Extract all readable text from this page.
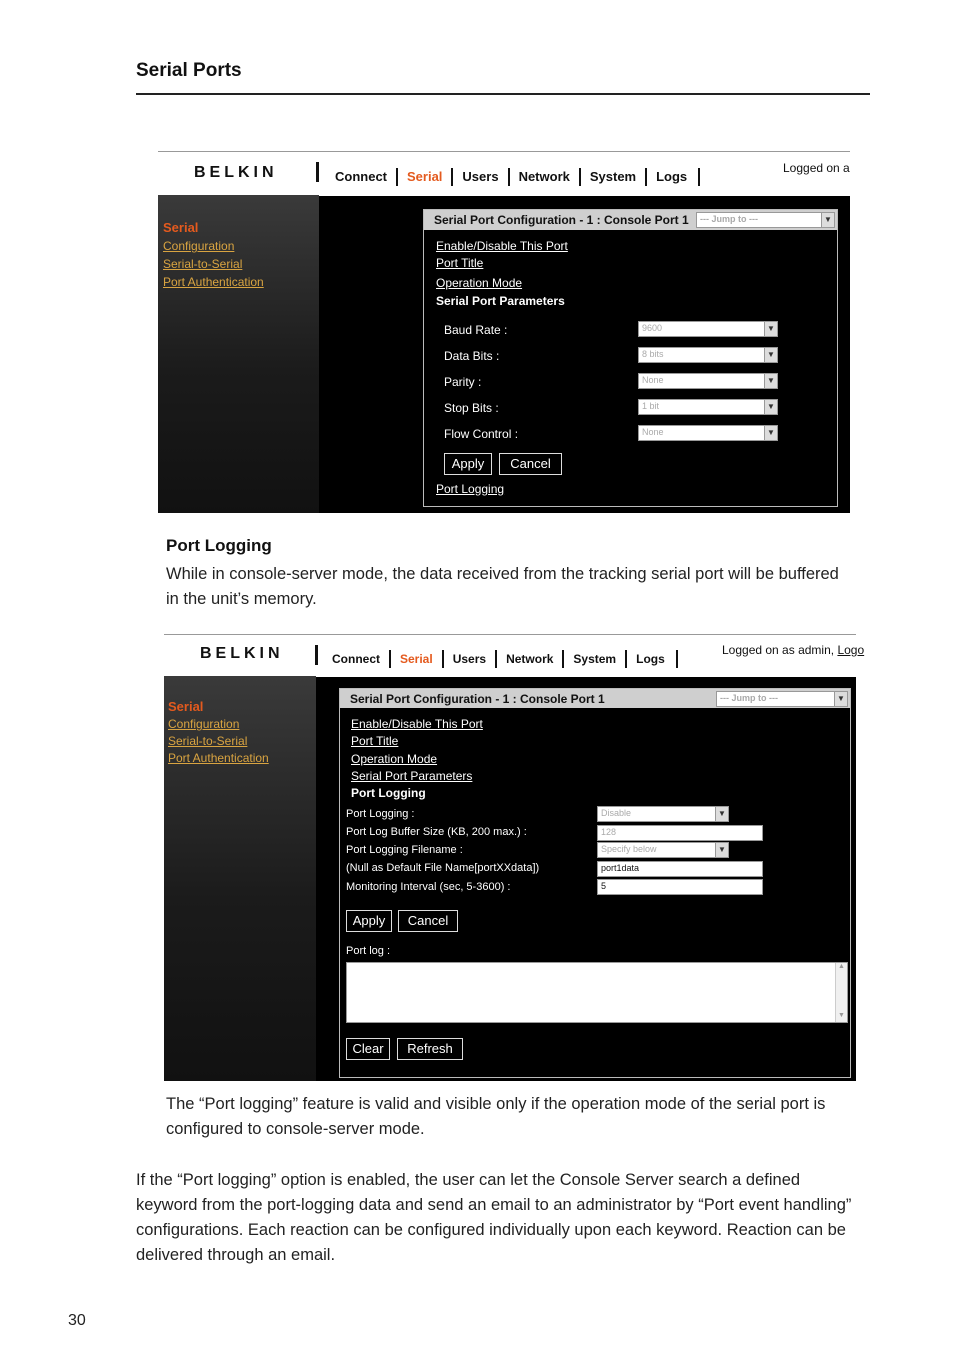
Serial Ports
BELKIN	Connect	Serial	Users	Network	System	Logs
Logged on a
Serial
Configuration
Serial-to-Serial
Port Authentication
Serial Port Configuration - 1 : Console Port 1 --- Jump to ---	▼
Enable/Disable This Port
Port Title
Operation Mode
Serial Port Parameters
Baud Rate :	9600	▼
Data Bits :	8 bits	▼
Parity :	None	▼
Stop Bits :	1 bit	▼
Flow Control :	None	▼
Apply	Cancel
Port Logging
Port Logging
While in console-server mode, the data received from the tracking serial port will be buffered in the unit’s memory.
BELKIN	Connect	Serial	Users	Network	System	Logs
Logged on as admin, Logo
Serial
Configuration
Serial-to-Serial
Port Authentication
Serial Port Configuration - 1 : Console Port 1	--- Jump to ---	▼
Enable/Disable This Port
Port Title
Operation Mode
Serial Port Parameters
Port Logging
Port Logging :	Disable	▼
Port Log Buffer Size (KB, 200 max.) :	128
Port Logging Filename :	Specify below	▼
(Null as Default File Name[portXXdata])	port1data
Monitoring Interval (sec, 5-3600) :	5
Apply	Cancel
Port log :
▲
▼
Clear	Refresh
The “Port logging” feature is valid and visible only if the operation mode of the serial port is configured to console-server mode.
If the “Port logging” option is enabled, the user can let the Console Server search a defined keyword from the port-logging data and send an email to an administrator by “Port event handling” configurations. Each reaction can be configured individually upon each keyword. Reaction can be delivered through an email.
30
